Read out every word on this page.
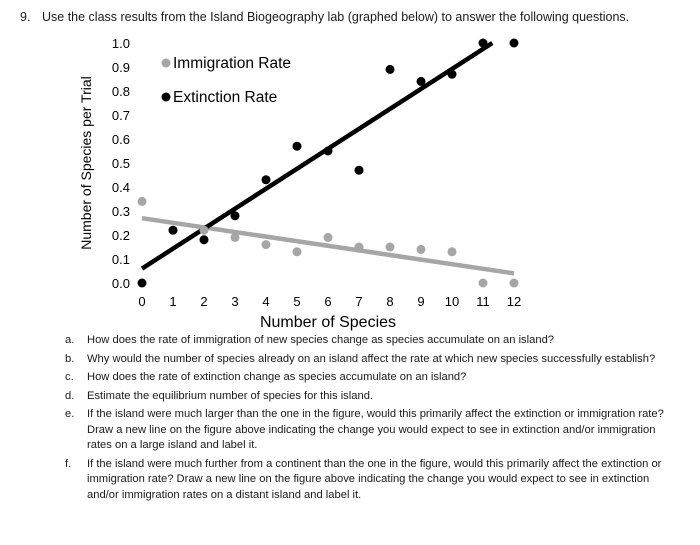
9. Use the class results from the Island Biogeography lab (graphed below) to answer the following questions.
0.0
0.1
0.2
0.3
0.4
0.5
0.6
0.7
0.8
0.9
1.0
0 1 2 3 4 5 6 7 8 9 10 11 12
Number of Species per Trial
Number of Species
Immigration Rate
Extinction Rate
a.	How does the rate of immigration of new species change as species accumulate on an island?
b.	Why would the number of species already on an island affect the rate at which new species successfully establish?
c.	How does the rate of extinction change as species accumulate on an island?
d.	Estimate the equilibrium number of species for this island.
e.	If the island were much larger than the one in the figure, would this primarily affect the extinction or immigration rate? Draw a new line on the figure above indicating the change you would expect to see in extinction and/or immigration rates on a large island and label it.
f.	If the island were much further from a continent than the one in the figure, would this primarily affect the extinction or immigration rate? Draw a new line on the figure above indicating the change you would expect to see in extinction and/or immigration rates on a distant island and label it.
